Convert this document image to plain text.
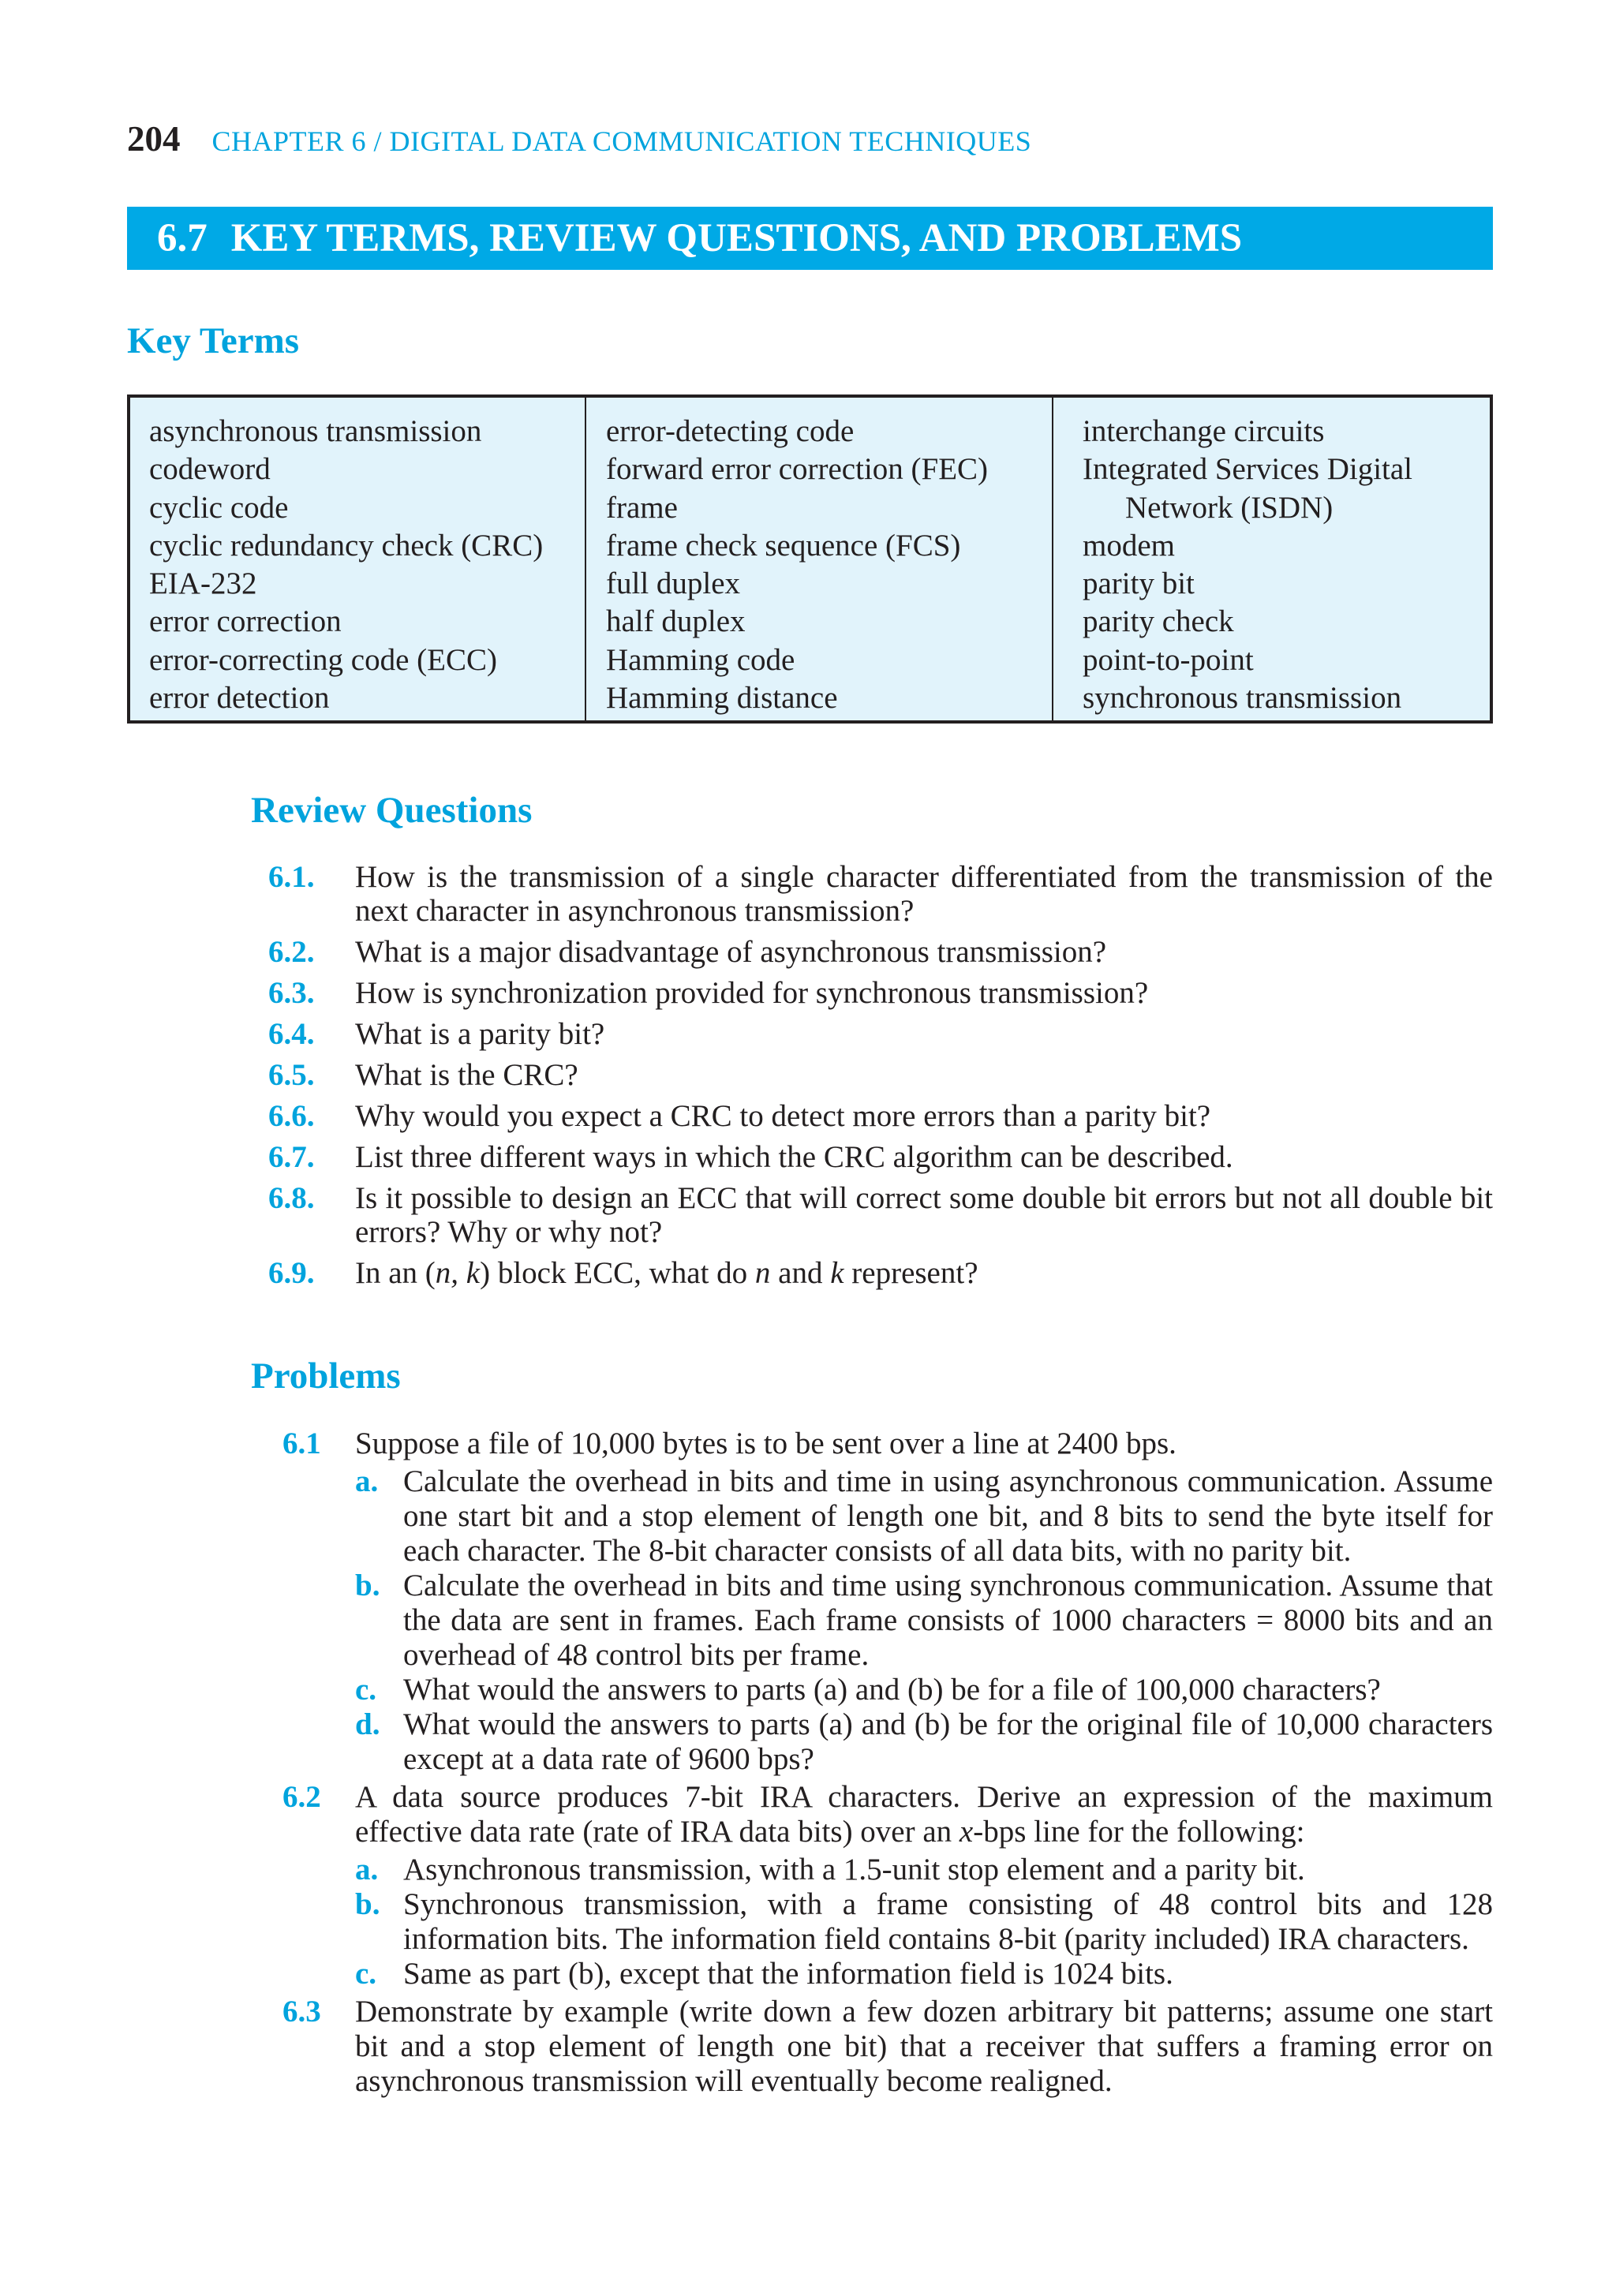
204 CHAPTER 6 / DIGITAL DATA COMMUNICATION TECHNIQUES
6.7 KEY TERMS, REVIEW QUESTIONS, AND PROBLEMS
Key Terms
asynchronous transmission
codeword
cyclic code
cyclic redundancy check (CRC)
EIA-232
error correction
error-correcting code (ECC)
error detection
error-detecting code
forward error correction (FEC)
frame
frame check sequence (FCS)
full duplex
half duplex
Hamming code
Hamming distance
interchange circuits
Integrated Services Digital
Network (ISDN)
modem
parity bit
parity check
point-to-point
synchronous transmission
Review Questions
6.1. How is the transmission of a single character differentiated from the transmission of the next character in asynchronous transmission?
6.2. What is a major disadvantage of asynchronous transmission?
6.3. How is synchronization provided for synchronous transmission?
6.4. What is a parity bit?
6.5. What is the CRC?
6.6. Why would you expect a CRC to detect more errors than a parity bit?
6.7. List three different ways in which the CRC algorithm can be described.
6.8. Is it possible to design an ECC that will correct some double bit errors but not all double bit errors? Why or why not?
6.9. In an (n, k) block ECC, what do n and k represent?
Problems
6.1 Suppose a file of 10,000 bytes is to be sent over a line at 2400 bps.
a. Calculate the overhead in bits and time in using asynchronous communication. Assume one start bit and a stop element of length one bit, and 8 bits to send the byte itself for each character. The 8-bit character consists of all data bits, with no parity bit.
b. Calculate the overhead in bits and time using synchronous communication. Assume that the data are sent in frames. Each frame consists of 1000 characters = 8000 bits and an overhead of 48 control bits per frame.
c. What would the answers to parts (a) and (b) be for a file of 100,000 characters?
d. What would the answers to parts (a) and (b) be for the original file of 10,000 characters except at a data rate of 9600 bps?
6.2 A data source produces 7-bit IRA characters. Derive an expression of the maximum effective data rate (rate of IRA data bits) over an x-bps line for the following:
a. Asynchronous transmission, with a 1.5-unit stop element and a parity bit.
b. Synchronous transmission, with a frame consisting of 48 control bits and 128 information bits. The information field contains 8-bit (parity included) IRA characters.
c. Same as part (b), except that the information field is 1024 bits.
6.3 Demonstrate by example (write down a few dozen arbitrary bit patterns; assume one start bit and a stop element of length one bit) that a receiver that suffers a framing error on asynchronous transmission will eventually become realigned.
